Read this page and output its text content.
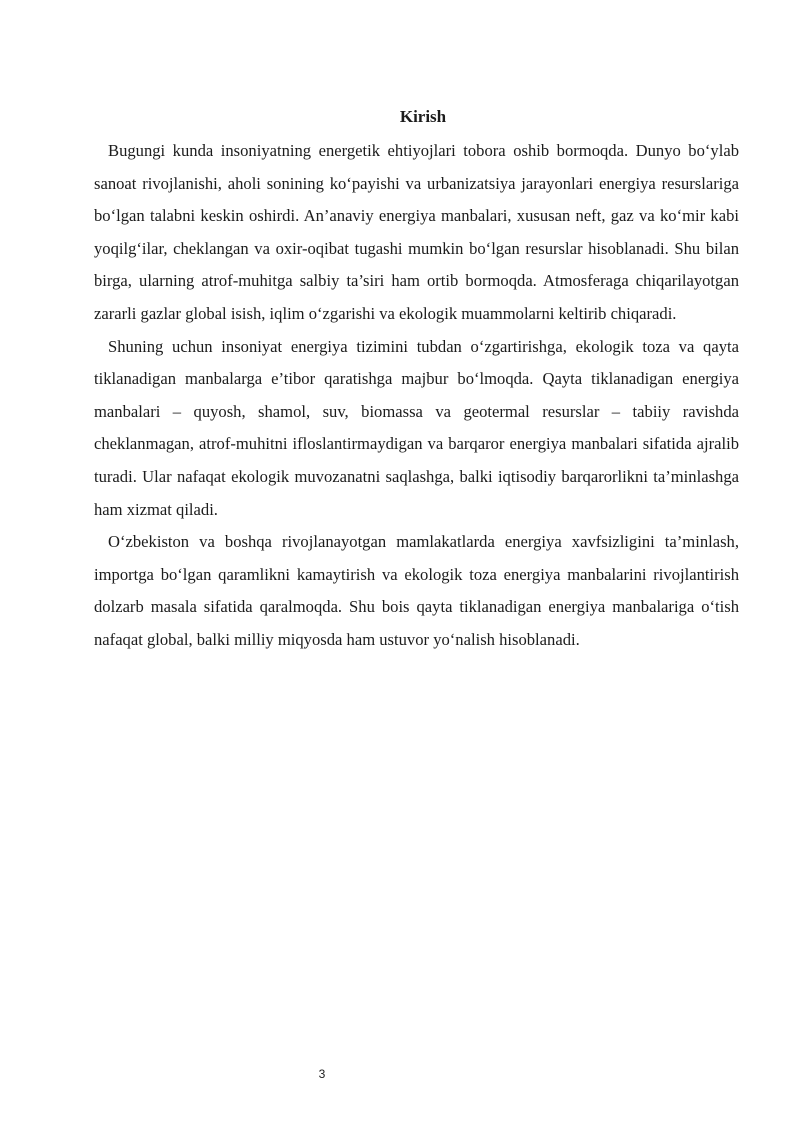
Kirish

Bugungi kunda insoniyatning energetik ehtiyojlari tobora oshib bormoqda. Dunyo bo‘ylab sanoat rivojlanishi, aholi sonining ko‘payishi va urbanizatsiya jarayonlari energiya resurslariga bo‘lgan talabni keskin oshirdi. An’anaviy energiya manbalari, xususan neft, gaz va ko‘mir kabi yoqilg‘ilar, cheklangan va oxir-oqibat tugashi mumkin bo‘lgan resurslar hisoblanadi. Shu bilan birga, ularning atrof-muhitga salbiy ta’siri ham ortib bormoqda. Atmosferaga chiqarilayotgan zararli gazlar global isish, iqlim o‘zgarishi va ekologik muammolarni keltirib chiqaradi.

Shuning uchun insoniyat energiya tizimini tubdan o‘zgartirishga, ekologik toza va qayta tiklanadigan manbalarga e’tibor qaratishga majbur bo‘lmoqda. Qayta tiklanadigan energiya manbalari – quyosh, shamol, suv, biomassa va geotermal resurslar – tabiiy ravishda cheklanmagan, atrof-muhitni ifloslantirmaydigan va barqaror energiya manbalari sifatida ajralib turadi. Ular nafaqat ekologik muvozanatni saqlashga, balki iqtisodiy barqarorlikni ta’minlashga ham xizmat qiladi.

O‘zbekiston va boshqa rivojlanayotgan mamlakatlarda energiya xavfsizligini ta’minlash, importga bo‘lgan qaramlikni kamaytirish va ekologik toza energiya manbalarini rivojlantirish dolzarb masala sifatida qaralmoqda. Shu bois qayta tiklanadigan energiya manbalariga o‘tish nafaqat global, balki milliy miqyosda ham ustuvor yo‘nalish hisoblanadi.

3
